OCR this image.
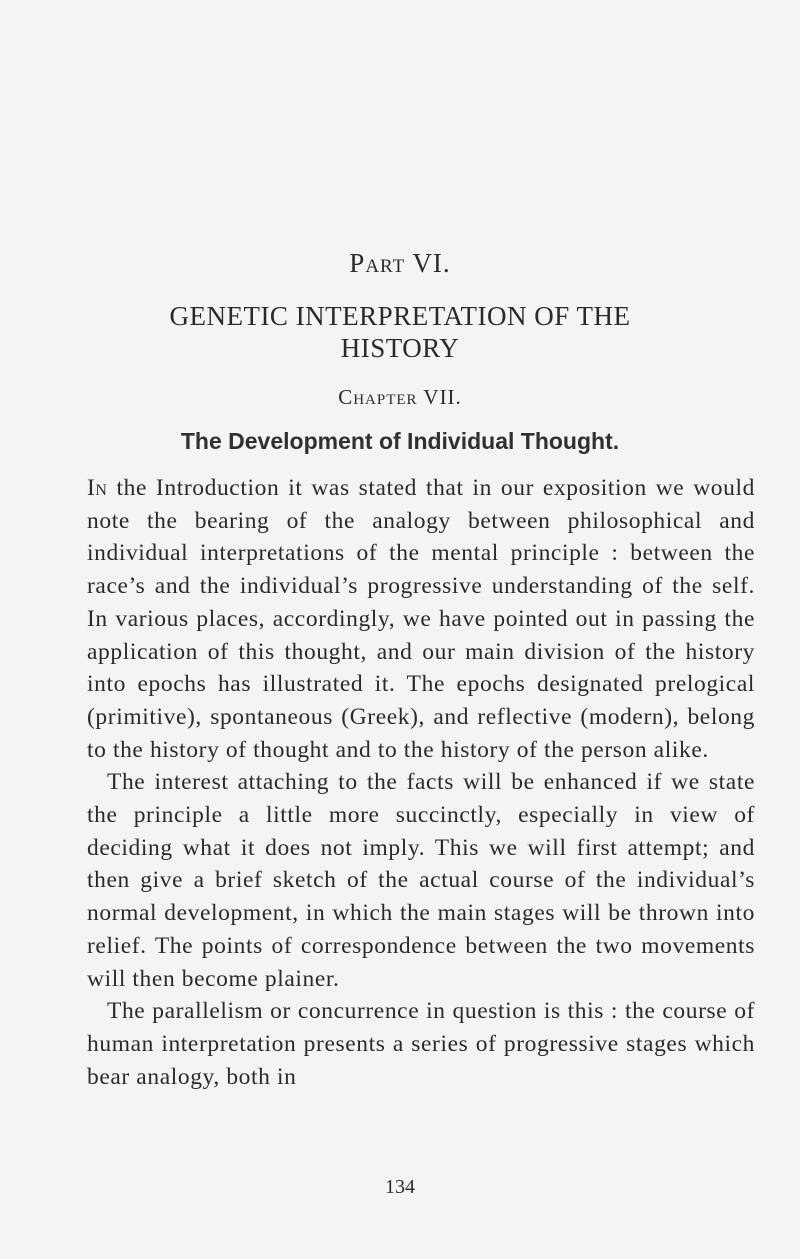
Part VI.
GENETIC INTERPRETATION OF THE
HISTORY
Chapter VII.
The Development of Individual Thought.

In the Introduction it was stated that in our exposition we would note the bearing of the analogy between philosophical and individual interpretations of the mental principle : between the race’s and the individual’s progressive understanding of the self. In various places, accordingly, we have pointed out in passing the application of this thought, and our main division of the history into epochs has illustrated it. The epochs designated prelogical (primitive), spontaneous (Greek), and reflective (modern), belong to the history of thought and to the history of the person alike.

The interest attaching to the facts will be enhanced if we state the principle a little more succinctly, especially in view of deciding what it does not imply. This we will first attempt; and then give a brief sketch of the actual course of the individual’s normal development, in which the main stages will be thrown into relief. The points of correspondence between the two movements will then become plainer.

The parallelism or concurrence in question is this : the course of human interpretation presents a series of progressive stages which bear analogy, both in

134
